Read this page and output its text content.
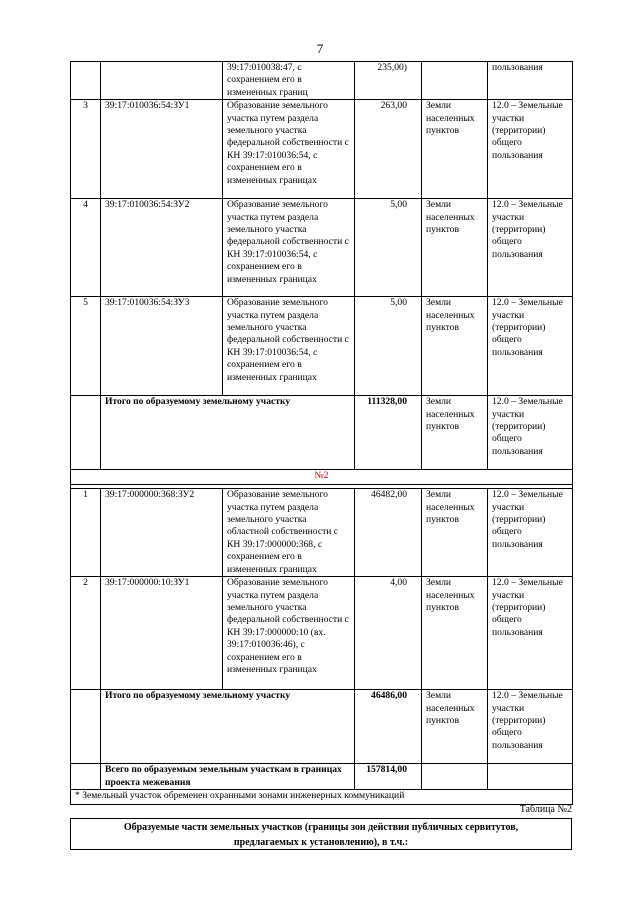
7
		39:17:010038:47, с сохранением его в измененных границ	235,00)		пользования
3	39:17:010036:54:ЗУ1	Образование земельного участка путем раздела земельного участка федеральной собственности с КН 39:17:010036:54, с сохранением его в измененных границах	263,00	Земли населенных пунктов	12.0 – Земельные участки (территории) общего пользования
4	39:17:010036:54:ЗУ2	Образование земельного участка путем раздела земельного участка федеральной собственности с КН 39:17:010036:54, с сохранением его в измененных границах	5,00	Земли населенных пунктов	12.0 – Земельные участки (территории) общего пользования
5	39:17:010036:54:ЗУ3	Образование земельного участка путем раздела земельного участка федеральной собственности с КН 39:17:010036:54, с сохранением его в измененных границах	5,00	Земли населенных пунктов	12.0 – Земельные участки (территории) общего пользования
	Итого по образуемому земельному участку		111328,00	Земли населенных пунктов	12.0 – Земельные участки (территории) общего пользования
№2					

1	39:17:000000:368:ЗУ2	Образование земельного участка путем раздела земельного участка областной собственности с КН 39:17:000000:368, с сохранением его в измененных границах	46482,00	Земли населенных пунктов	12.0 – Земельные участки (территории) общего пользования
2	39:17:000000:10:ЗУ1	Образование земельного участка путем раздела земельного участка федеральной собственности с КН 39:17:000000:10 (вх. 39:17:010036:46), с сохранением его в измененных границах	4,00	Земли населенных пунктов	12.0 – Земельные участки (территории) общего пользования
	Итого по образуемому земельному участку		46486,00	Земли населенных пунктов	12.0 – Земельные участки (территории) общего пользования
	Всего по образуемым земельным участкам в границах проекта межевания		157814,00		
* Земельный участок обременен охранными зонами инженерных коммуникаций					
Таблица №2
Образуемые части земельных участков (границы зон действия публичных сервитутов,
предлагаемых к установлению), в т.ч.:
